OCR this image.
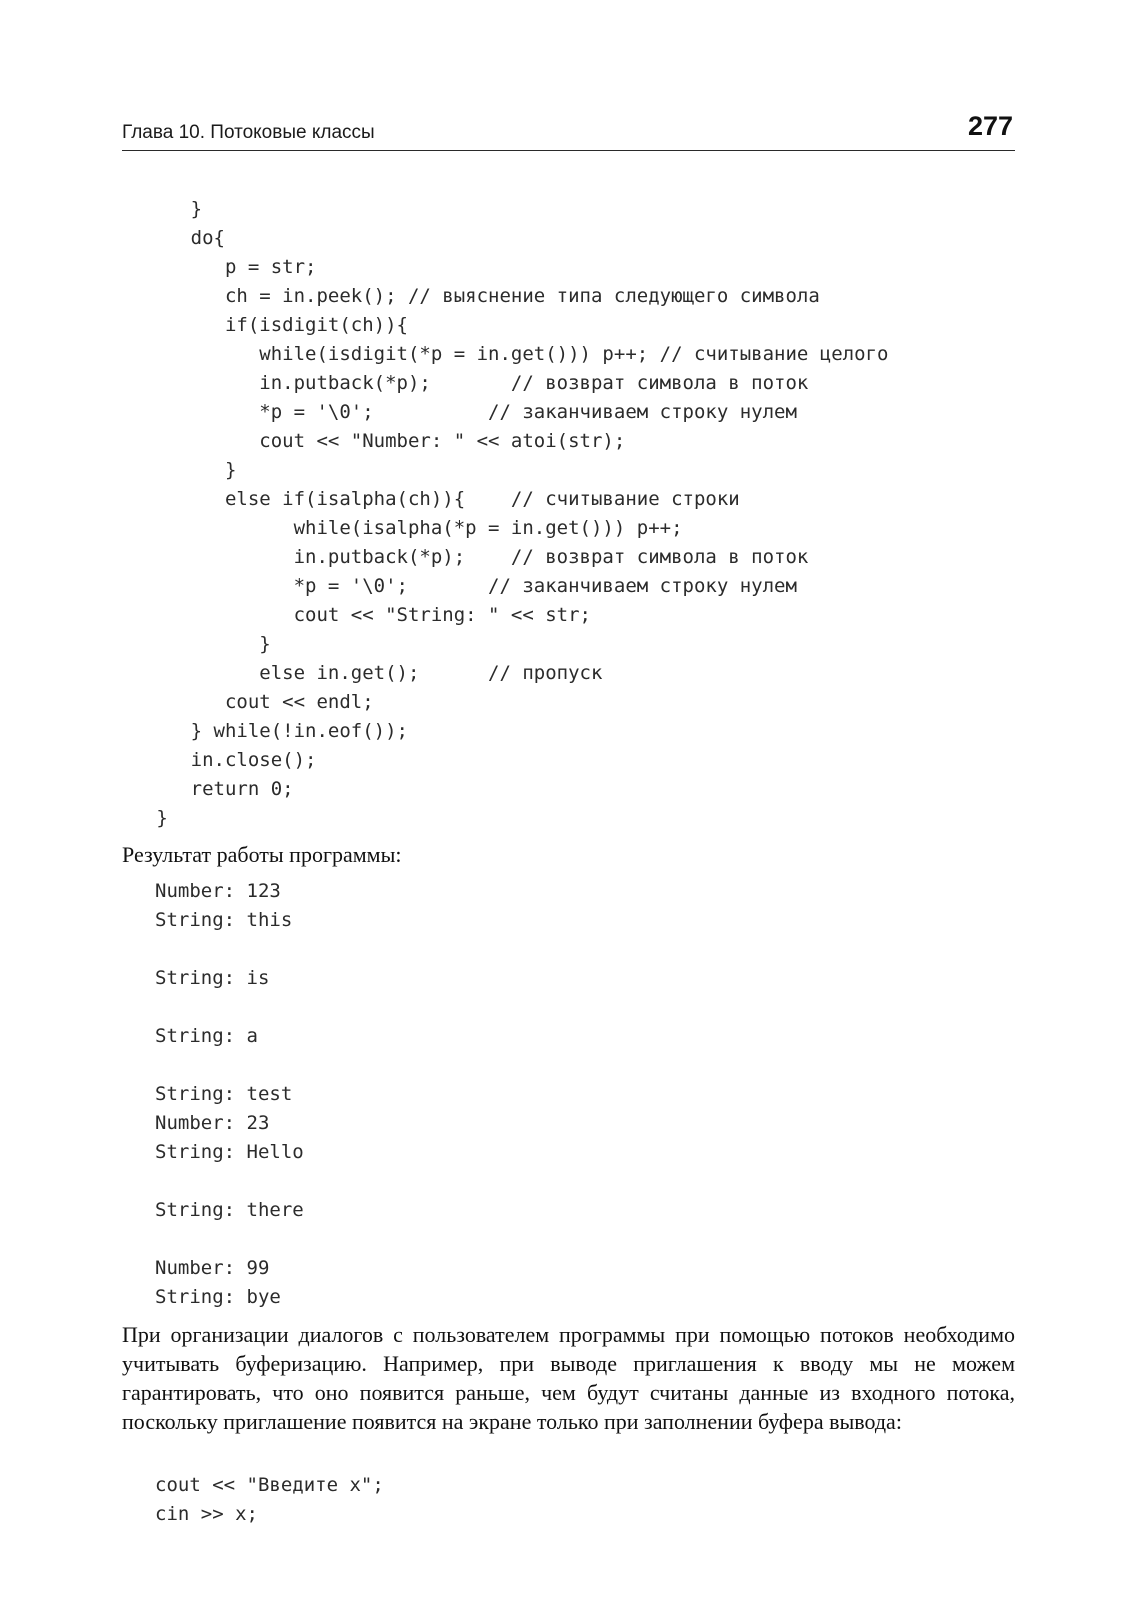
Глава 10. Потоковые классы	277
}
do{
p = str;
ch = in.peek(); // выяснение типа следующего символа
if(isdigit(ch)){
while(isdigit(*p = in.get())) p++; // считывание целого
in.putback(*p);       // возврат символа в поток
*p = '\0';          // заканчиваем строку нулем
cout << "Number: " << atoi(str);
}
else if(isalpha(ch)){    // считывание строки
while(isalpha(*p = in.get())) p++;
in.putback(*p);    // возврат символа в поток
*p = '\0';       // заканчиваем строку нулем
cout << "String: " << str;
}
else in.get();      // пропуск
cout << endl;
} while(!in.eof());
in.close();
return 0;
}

Результат работы программы:

Number: 123
String: this
String: is
String: a
String: test
Number: 23
String: Hello
String: there
Number: 99
String: bye

При организации диалогов с пользователем программы при помощью потоков необходимо учитывать буферизацию. Например, при выводе приглашения к вводу мы не можем гарантировать, что оно появится раньше, чем будут считаны данные из входного потока, поскольку приглашение появится на экране только при заполнении буфера вывода:

cout << "Введите x";
cin >> x;
